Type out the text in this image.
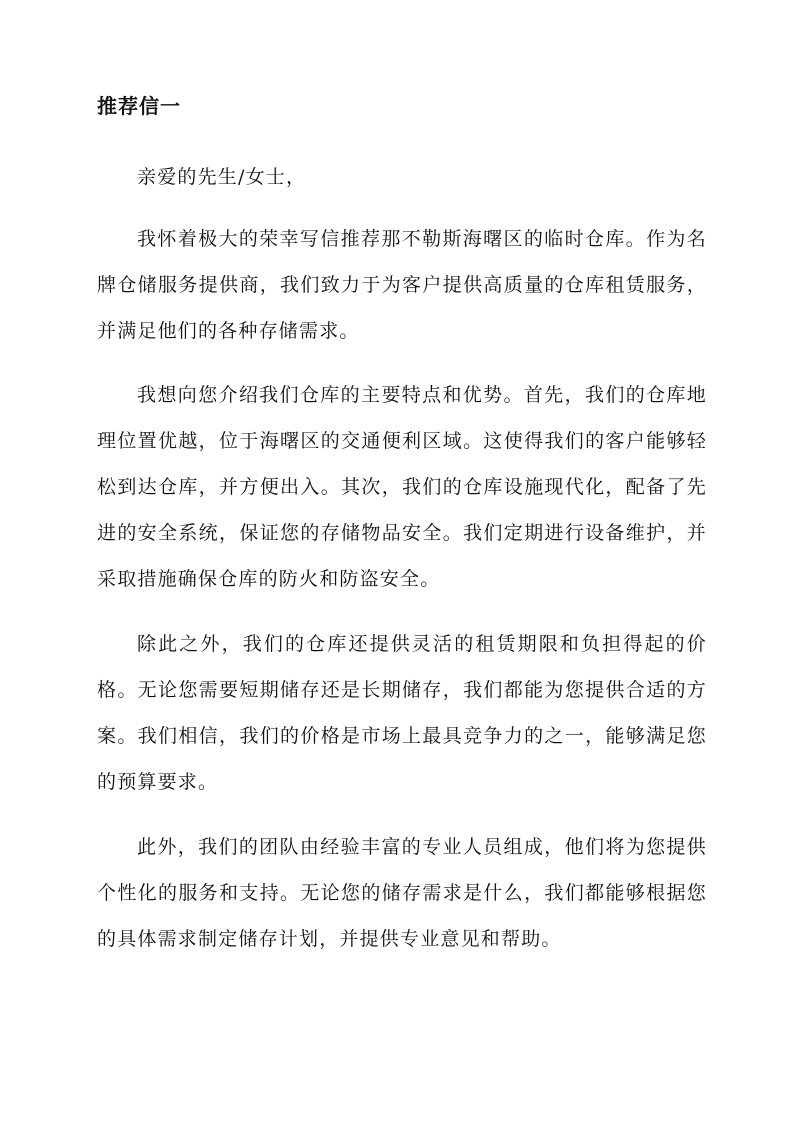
推荐信一

亲爱的先生/女士，

我怀着极大的荣幸写信推荐那不勒斯海曙区的临时仓库。作为名牌仓储服务提供商，我们致力于为客户提供高质量的仓库租赁服务，并满足他们的各种存储需求。

我想向您介绍我们仓库的主要特点和优势。首先，我们的仓库地理位置优越，位于海曙区的交通便利区域。这使得我们的客户能够轻松到达仓库，并方便出入。其次，我们的仓库设施现代化，配备了先进的安全系统，保证您的存储物品安全。我们定期进行设备维护，并采取措施确保仓库的防火和防盗安全。

除此之外，我们的仓库还提供灵活的租赁期限和负担得起的价格。无论您需要短期储存还是长期储存，我们都能为您提供合适的方案。我们相信，我们的价格是市场上最具竞争力的之一，能够满足您的预算要求。

此外，我们的团队由经验丰富的专业人员组成，他们将为您提供个性化的服务和支持。无论您的储存需求是什么，我们都能够根据您的具体需求制定储存计划，并提供专业意见和帮助。
